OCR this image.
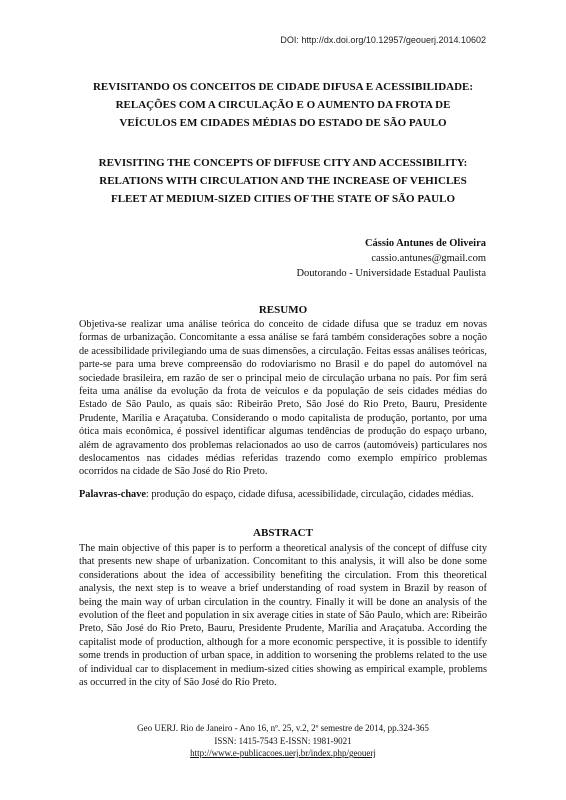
DOI: http://dx.doi.org/10.12957/geouerj.2014.10602
REVISITANDO OS CONCEITOS DE CIDADE DIFUSA E ACESSIBILIDADE:
RELAÇÕES COM A CIRCULAÇÃO E O AUMENTO DA FROTA DE
VEÍCULOS EM CIDADES MÉDIAS DO ESTADO DE SÃO PAULO
REVISITING THE CONCEPTS OF DIFFUSE CITY AND ACCESSIBILITY:
RELATIONS WITH CIRCULATION AND THE INCREASE OF VEHICLES
FLEET AT MEDIUM-SIZED CITIES OF THE STATE OF SÃO PAULO
Cássio Antunes de Oliveira
cassio.antunes@gmail.com
Doutorando - Universidade Estadual Paulista
RESUMO
Objetiva-se realizar uma análise teórica do conceito de cidade difusa que se traduz em novas formas de urbanização. Concomitante a essa análise se fará também considerações sobre a noção de acessibilidade privilegiando uma de suas dimensões, a circulação. Feitas essas análises teóricas, parte-se para uma breve compreensão do rodoviarismo no Brasil e do papel do automóvel na sociedade brasileira, em razão de ser o principal meio de circulação urbana no país. Por fim será feita uma análise da evolução da frota de veículos e da população de seis cidades médias do Estado de São Paulo, as quais são: Ribeirão Preto, São José do Rio Preto, Bauru, Presidente Prudente, Marília e Araçatuba. Considerando o modo capitalista de produção, portanto, por uma ótica mais econômica, é possível identificar algumas tendências de produção do espaço urbano, além de agravamento dos problemas relacionados ao uso de carros (automóveis) particulares nos deslocamentos nas cidades médias referidas trazendo como exemplo empírico problemas ocorridos na cidade de São José do Rio Preto.
Palavras-chave: produção do espaço, cidade difusa, acessibilidade, circulação, cidades médias.
ABSTRACT
The main objective of this paper is to perform a theoretical analysis of the concept of diffuse city that presents new shape of urbanization. Concomitant to this analysis, it will also be done some considerations about the idea of accessibility benefiting the circulation. From this theoretical analysis, the next step is to weave a brief understanding of road system in Brazil by reason of being the main way of urban circulation in the country. Finally it will be done an analysis of the evolution of the fleet and population in six average cities in state of São Paulo, which are: Ribeirão Preto, São José do Rio Preto, Bauru, Presidente Prudente, Marília and Araçatuba. According the capitalist mode of production, although for a more economic perspective, it is possible to identify some trends in production of urban space, in addition to worsening the problems related to the use of individual car to displacement in medium-sized cities showing as empirical example, problems as occurred in the city of São José do Rio Preto.
Geo UERJ. Rio de Janeiro - Ano 16, nº. 25, v.2, 2º semestre de 2014, pp.324-365
ISSN: 1415-7543 E-ISSN: 1981-9021
http://www.e-publicacoes.uerj.br/index.php/geouerj
